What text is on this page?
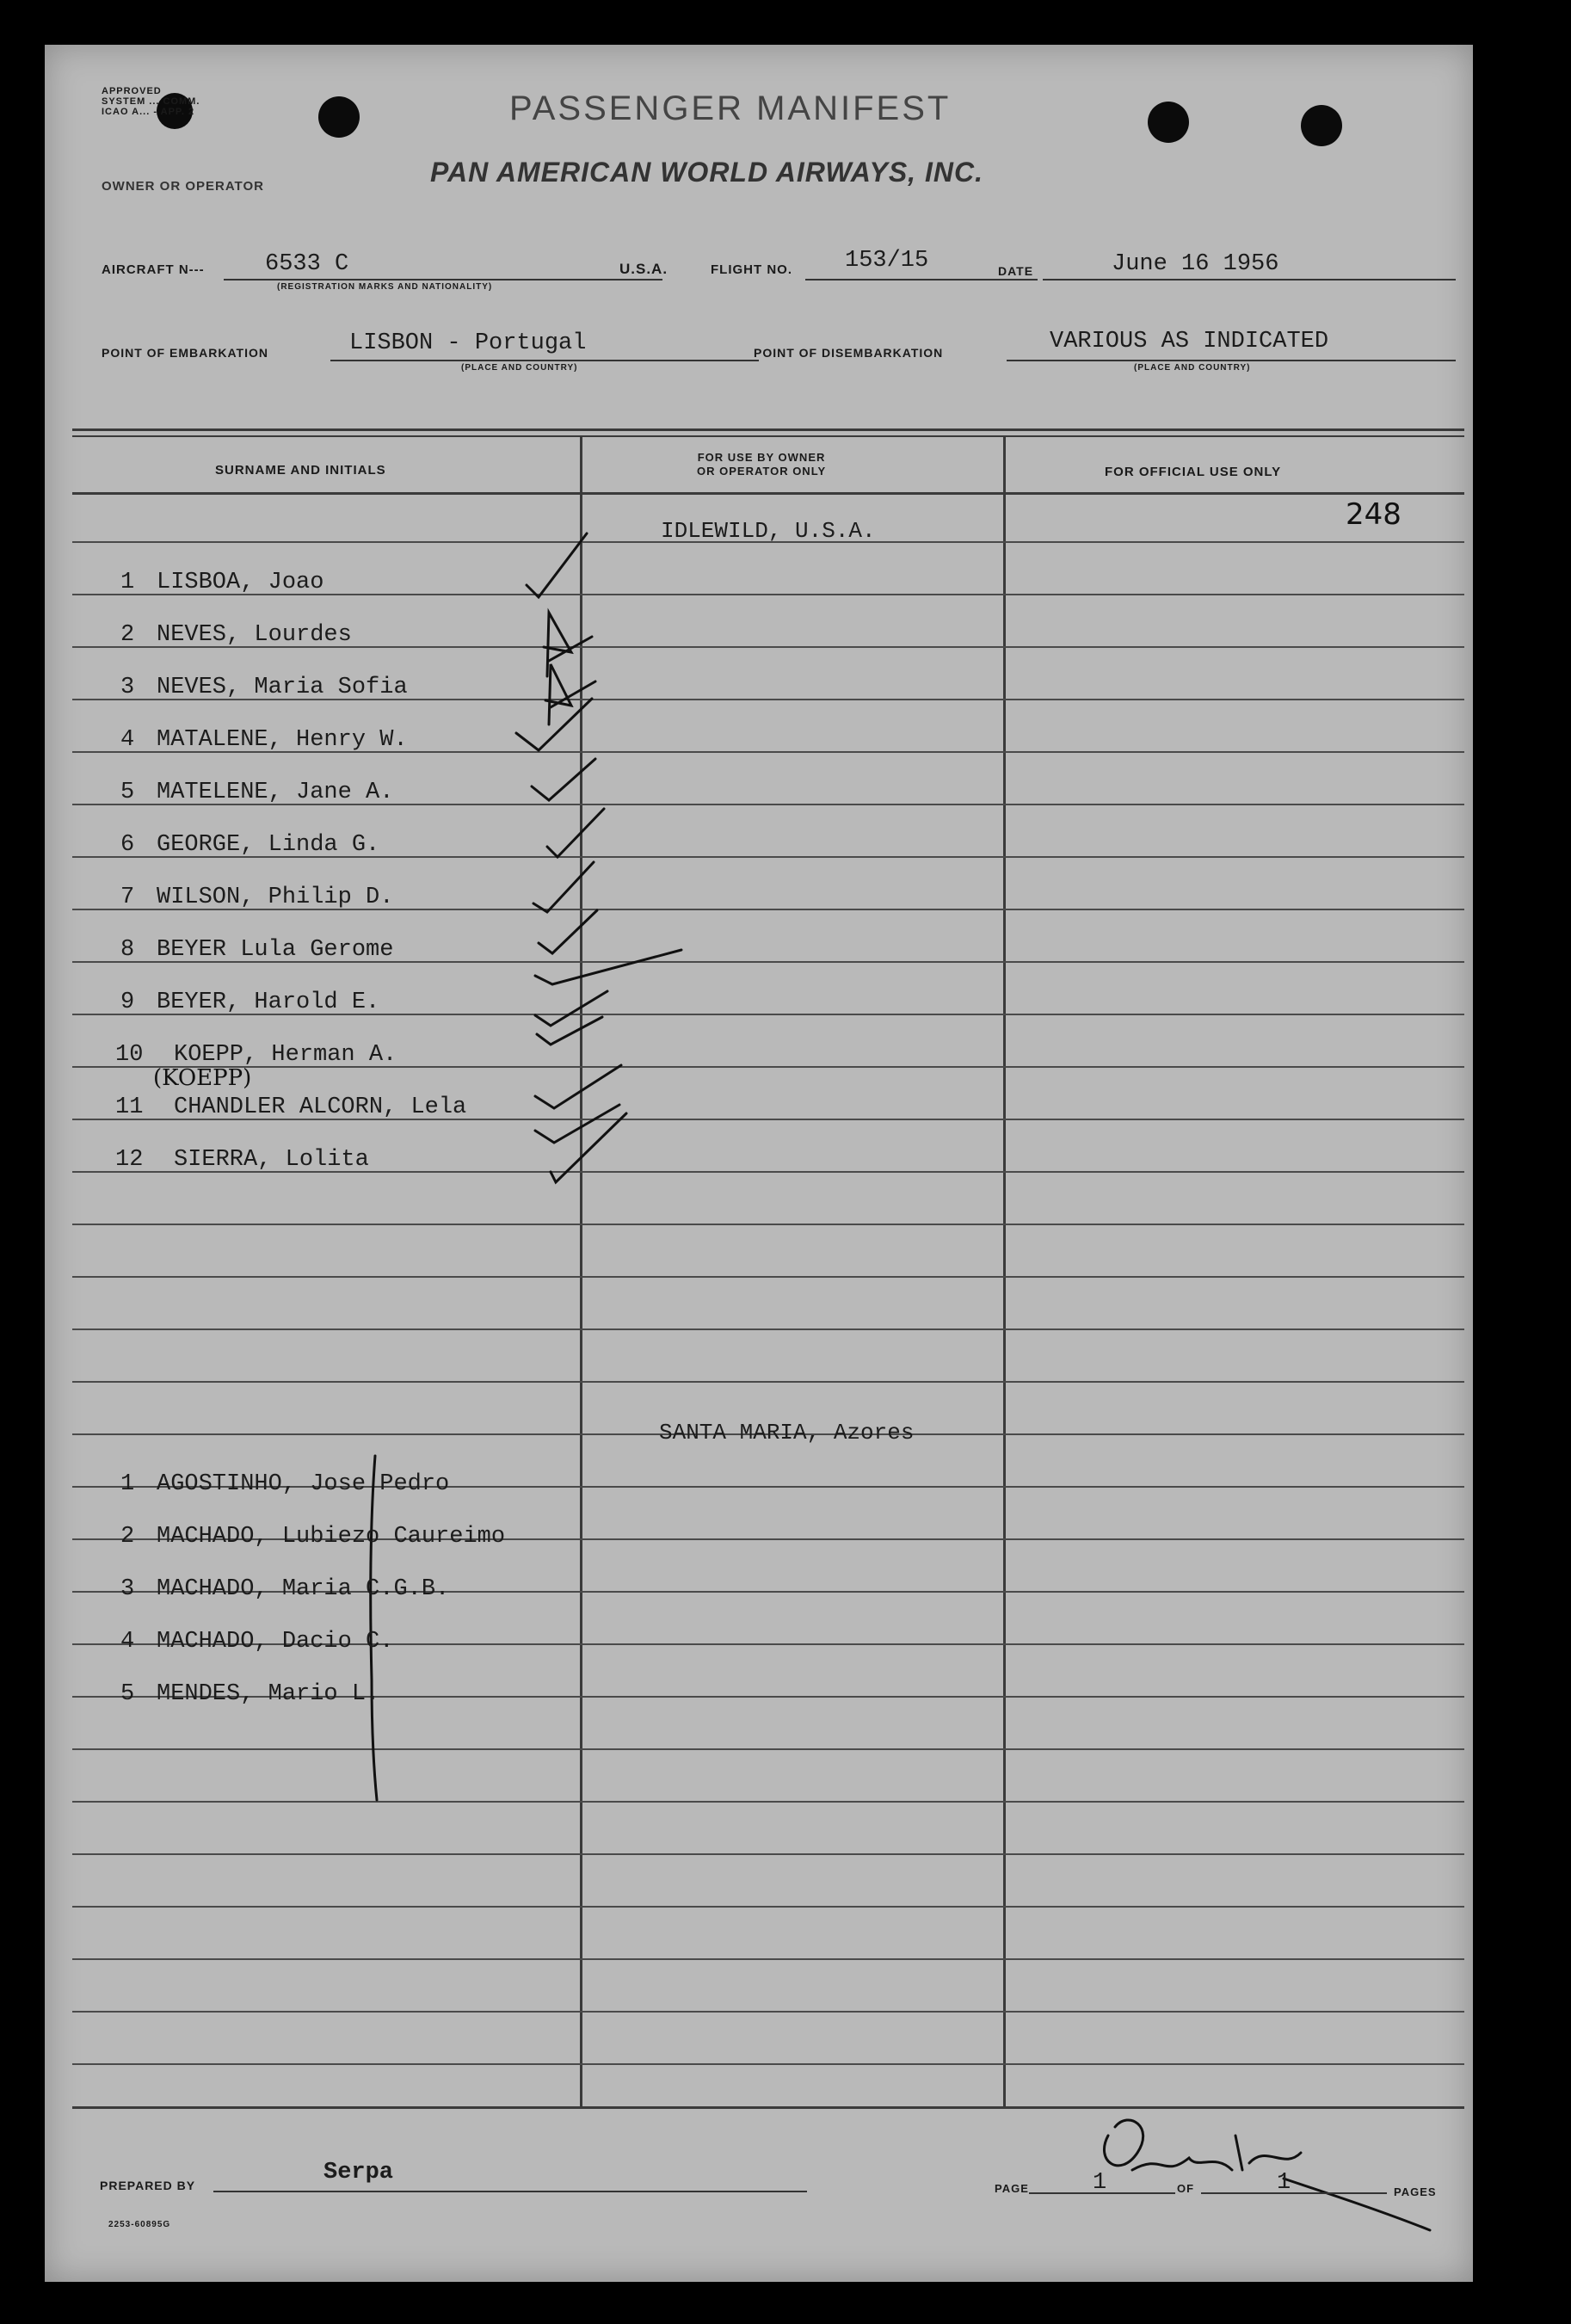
APPROVED
SYSTEM ... COMM.
ICAO A... - APP. 2	PASSENGER MANIFEST
PAN AMERICAN WORLD AIRWAYS, INC.
OWNER OR OPERATOR
AIRCRAFT N---	6533 C
(REGISTRATION MARKS AND NATIONALITY)
U.S.A.	FLIGHT NO. 153/15	DATE	June 16 1956
POINT OF EMBARKATION	LISBON - Portugal
(PLACE AND COUNTRY)
POINT OF DISEMBARKATION	VARIOUS AS INDICATED
(PLACE AND COUNTRY)
SURNAME AND INITIALS
FOR USE BY OWNER
OR OPERATOR ONLY	FOR OFFICIAL USE ONLY
248
IDLEWILD, U.S.A.
1 LISBOA, Joao
2 NEVES, Lourdes
3 NEVES, Maria Sofia
4 MATALENE, Henry W.
5 MATELENE, Jane A.
6 GEORGE, Linda G.
7 WILSON, Philip D.
8 BEYER Lula Gerome
9 BEYER, Harold E.
10 KOEPP, Herman A.
11 CHANDLER ALCORN, Lela
12 SIERRA, Lolita
(KOEPP)
SANTA MARIA, Azores
1 AGOSTINHO, Jose Pedro
2 MACHADO, Lubiezo Caureimo
3 MACHADO, Maria C.G.B.
4 MACHADO, Dacio C.
5 MENDES, Mario L.
PREPARED BY	Serpa
PAGE	1	OF	1	PAGES
2253-60895G
